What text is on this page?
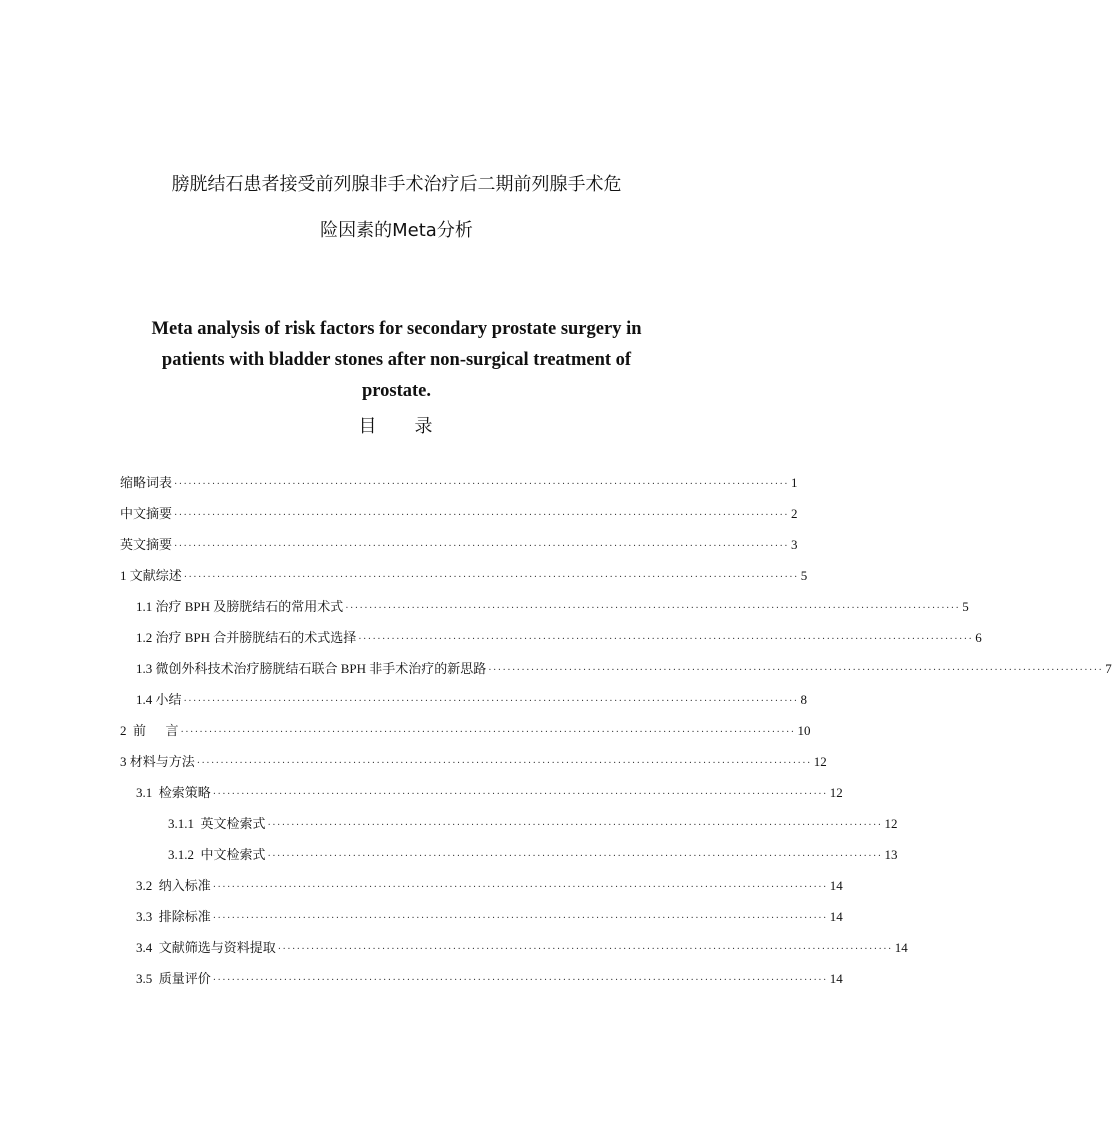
膀胱结石患者接受前列腺非手术治疗后二期前列腺手术危
险因素的Meta分析
Meta analysis of risk factors for secondary prostate surgery in
patients with bladder stones after non-surgical treatment of
prostate.
目 录
缩略词表 ·································································································································· 1
中文摘要 ·································································································································· 2
英文摘要 ·································································································································· 3
1 文献综述 ·································································································································· 5
1.1 治疗 BPH 及膀胱结石的常用术式 ·································································································································· 5
1.2 治疗 BPH 合并膀胱结石的术式选择 ·································································································································· 6
1.3 微创外科技术治疗膀胱结石联合 BPH 非手术治疗的新思路 ·································································································································· 7
1.4 小结 ·································································································································· 8
2  前      言 ·································································································································· 10
3 材料与方法 ·································································································································· 12
3.1  检索策略 ·································································································································· 12
3.1.1  英文检索式 ·································································································································· 12
3.1.2  中文检索式 ·································································································································· 13
3.2  纳入标准 ·································································································································· 14
3.3  排除标准 ·································································································································· 14
3.4  文献筛选与资料提取 ·································································································································· 14
3.5  质量评价 ·································································································································· 14
